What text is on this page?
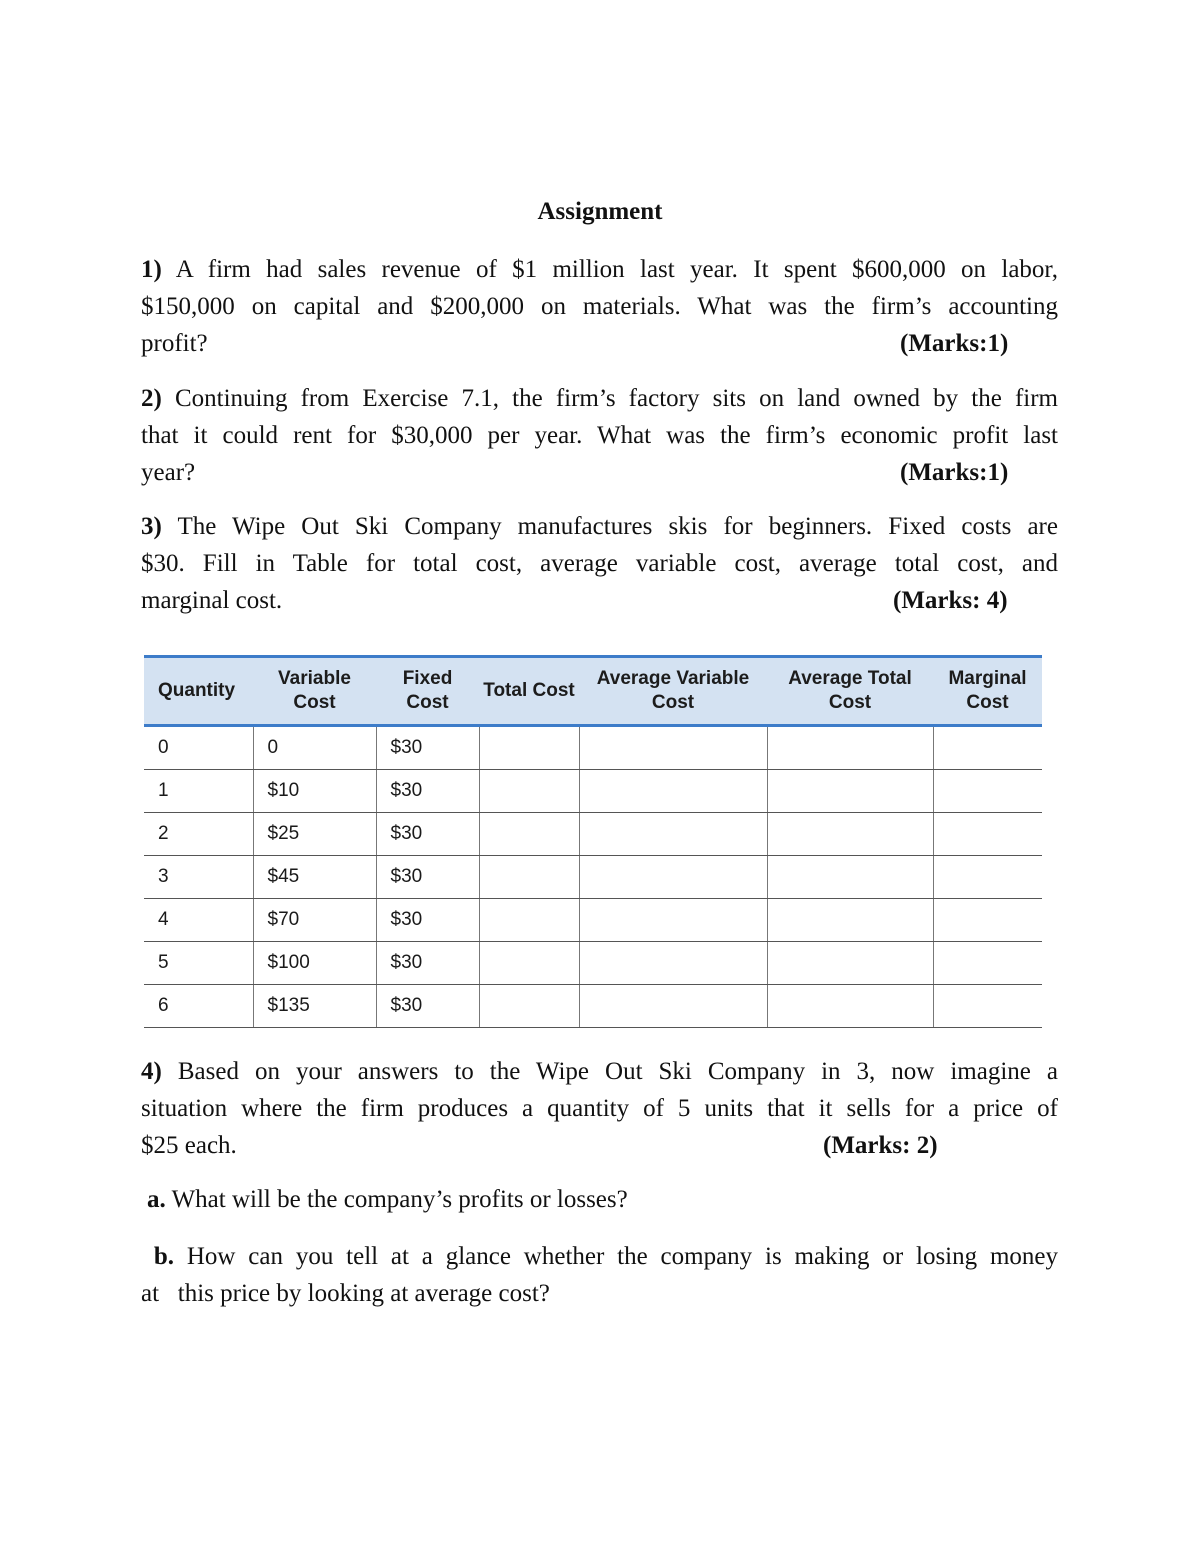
Assignment
1) A firm had sales revenue of $1 million last year. It spent $600,000 on labor,
$150,000 on capital and $200,000 on materials. What was the firm’s accounting
profit?	(Marks:1)
2) Continuing from Exercise 7.1, the firm’s factory sits on land owned by the firm
that it could rent for $30,000 per year. What was the firm’s economic profit last
year?	(Marks:1)
3) The Wipe Out Ski Company manufactures skis for beginners. Fixed costs are
$30. Fill in Table for total cost, average variable cost, average total cost, and
marginal cost.	(Marks: 4)
Quantity	Variable Cost	Fixed Cost	Total Cost	Average Variable Cost	Average Total Cost	Marginal Cost
0	0	$30				
1	$10	$30				
2	$25	$30				
3	$45	$30				
4	$70	$30				
5	$100	$30				
6	$135	$30				
4) Based on your answers to the Wipe Out Ski Company in 3, now imagine a
situation where the firm produces a quantity of 5 units that it sells for a price of
$25 each.	(Marks: 2)
a. What will be the company’s profits or losses?
b. How can you tell at a glance whether the company is making or losing money
at   this price by looking at average cost?
